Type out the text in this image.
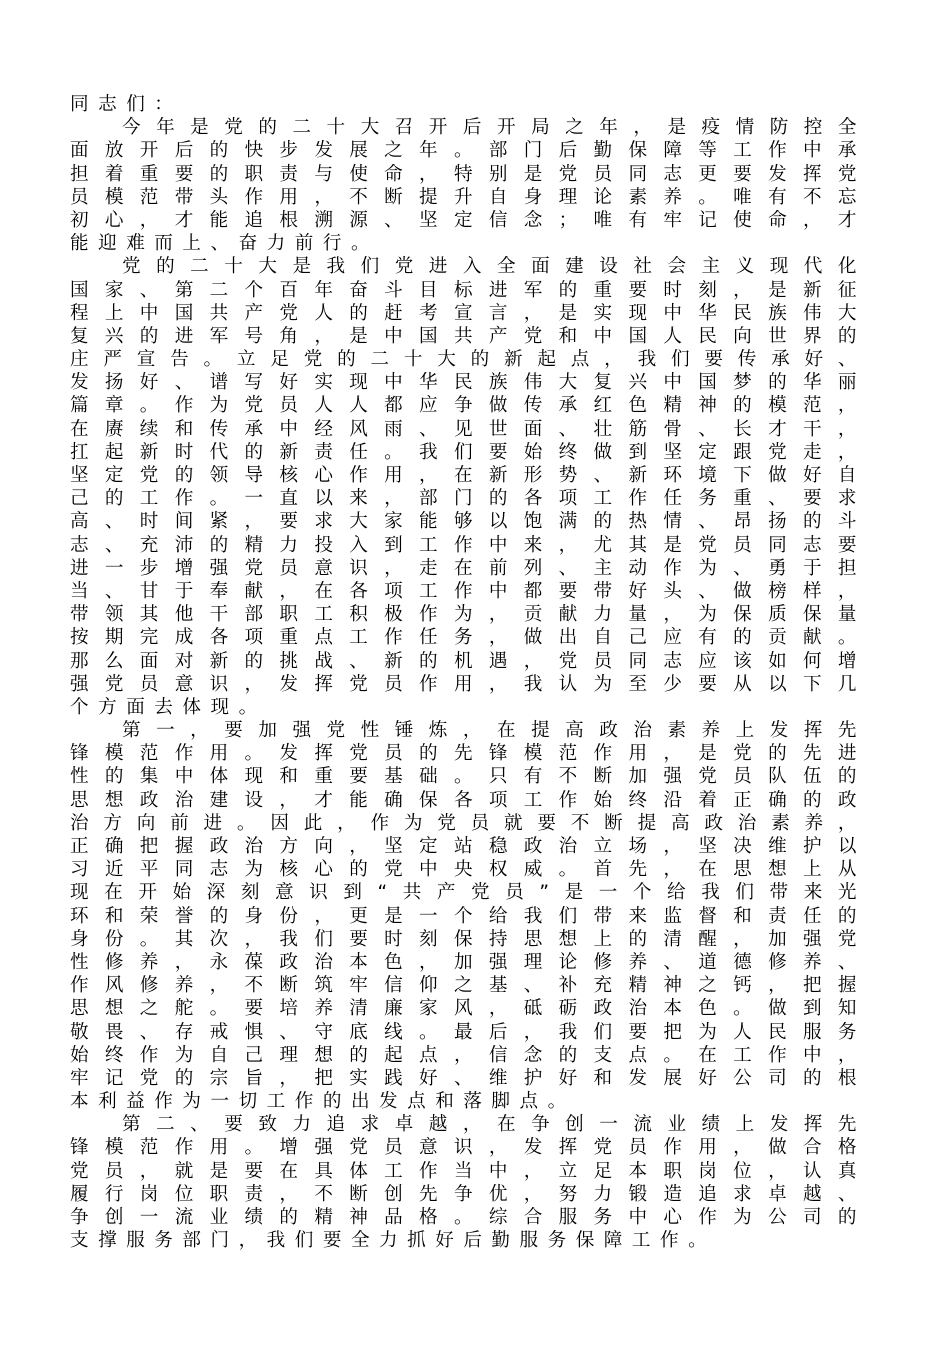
同志们：
今年是党的二十大召开后开局之年，是疫情防控全
面放开后的快步发展之年。部门后勤保障等工作中承
担着重要的职责与使命，特别是党员同志更要发挥党
员模范带头作用，不断提升自身理论素养。唯有不忘
初心，才能追根溯源、坚定信念；唯有牢记使命，才
能迎难而上、奋力前行。
党的二十大是我们党进入全面建设社会主义现代化
国家、第二个百年奋斗目标进军的重要时刻，是新征
程上中国共产党人的赶考宣言，是实现中华民族伟大
复兴的进军号角，是中国共产党和中国人民向世界的
庄严宣告。立足党的二十大的新起点，我们要传承好、
发扬好、谱写好实现中华民族伟大复兴中国梦的华丽
篇章。作为党员人人都应争做传承红色精神的模范，
在赓续和传承中经风雨、见世面、壮筋骨、长才干，
扛起新时代的新责任。我们要始终做到坚定跟党走，
坚定党的领导核心作用，在新形势、新环境下做好自
己的工作。一直以来，部门的各项工作任务重、要求
高、时间紧，要求大家能够以饱满的热情、昂扬的斗
志、充沛的精力投入到工作中来，尤其是党员同志要
进一步增强党员意识，走在前列、主动作为、勇于担
当、甘于奉献，在各项工作中都要带好头、做榜样，
带领其他干部职工积极作为，贡献力量，为保质保量
按期完成各项重点工作任务，做出自己应有的贡献。
那么面对新的挑战、新的机遇，党员同志应该如何增
强党员意识，发挥党员作用，我认为至少要从以下几
个方面去体现。
第一，要加强党性锤炼，在提高政治素养上发挥先
锋模范作用。发挥党员的先锋模范作用，是党的先进
性的集中体现和重要基础。只有不断加强党员队伍的
思想政治建设，才能确保各项工作始终沿着正确的政
治方向前进。因此，作为党员就要不断提高政治素养，
正确把握政治方向，坚定站稳政治立场，坚决维护以
习近平同志为核心的党中央权威。首先，在思想上从
现在开始深刻意识到“共产党员”是一个给我们带来光
环和荣誉的身份，更是一个给我们带来监督和责任的
身份。其次，我们要时刻保持思想上的清醒，加强党
性修养，永葆政治本色，加强理论修养、道德修养、
作风修养，不断筑牢信仰之基、补充精神之钙，把握
思想之舵。要培养清廉家风，砥砺政治本色。做到知
敬畏、存戒惧、守底线。最后，我们要把为人民服务
始终作为自己理想的起点，信念的支点。在工作中，
牢记党的宗旨，把实践好、维护好和发展好公司的根
本利益作为一切工作的出发点和落脚点。
第二、要致力追求卓越，在争创一流业绩上发挥先
锋模范作用。增强党员意识，发挥党员作用，做合格
党员，就是要在具体工作当中，立足本职岗位，认真
履行岗位职责，不断创先争优，努力锻造追求卓越、
争创一流业绩的精神品格。综合服务中心作为公司的
支撑服务部门，我们要全力抓好后勤服务保障工作。
